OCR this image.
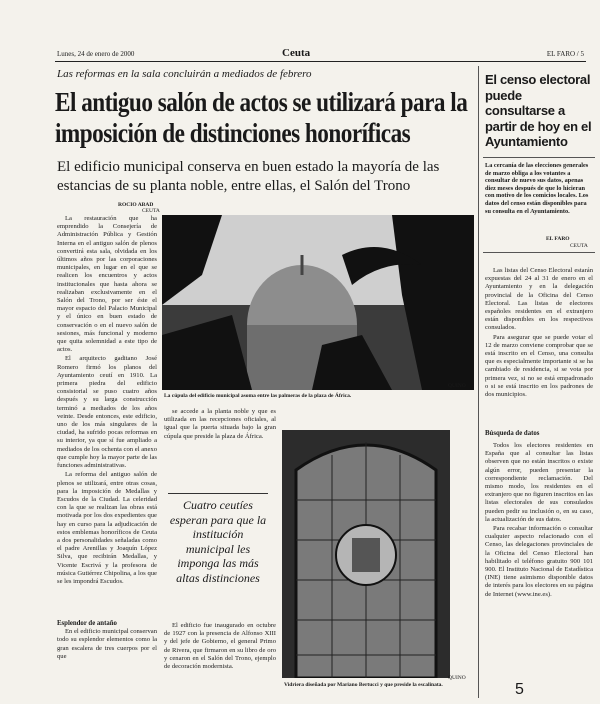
Lunes, 24 de enero de 2000	Ceuta	EL FARO / 5
Las reformas en la sala concluirán a mediados de febrero
El antiguo salón de actos se utilizará para la imposición de distinciones honoríficas
El edificio municipal conserva en buen estado la mayoría de las estancias de su planta noble, entre ellas, el Salón del Trono
ROCIO ABAD
CEUTA

La restauración que ha emprendido la Consejería de Administración Pública y Gestión Interna en el antiguo salón de plenos convertirá esta sala, olvidada en los últimos años por las corporaciones municipales, en lugar en el que se realicen los encuentros y actos institucionales que hasta ahora se realizaban exclusivamente en el Salón del Trono, por ser éste el mayor espacio del Palacio Municipal y el único en buen estado de conservación o en el nuevo salón de sesiones, más funcional y moderno que quita solemnidad a este tipo de actos.

El arquitecto gaditano José Romero firmó los planos del Ayuntamiento ceutí en 1910. La primera piedra del edificio consistorial se puso cuatro años después y su larga construcción terminó a mediados de los años veinte. Desde entonces, este edificio, uno de los más singulares de la ciudad, ha sufrido pocas reformas en su interior, ya que sí fue ampliado a mediados de los ochenta con el anexo que cumple hoy la mayor parte de las funciones administrativas.

La reforma del antiguo salón de plenos se utilizará, entre otras cosas, para la imposición de Medallas y Escudos de la Ciudad. La celeridad con la que se realizan las obras está motivada por los dos expedientes que hay en curso para la adjudicación de estos emblemas honoríficos de Ceuta a dos personalidades señaladas como el padre Arenillas y Joaquín López Silva, que recibirán Medallas, y Vicente Escrivá y la profesora de música Gutiérrez Chipolina, a los que se les impondrá Escudos.

Esplendor de antaño

En el edificio municipal conservan todo su esplendor elementos como la gran escalera de tres cuerpos por el que

La cúpula del edificio municipal asoma entre las palmeras de la plaza de África.
QUINO

se accede a la planta noble y que es utilizada en las recepciones oficiales, al igual que la puerta situada bajo la gran cúpula que preside la plaza de África.

Cuatro ceutíes esperan para que la institución municipal les imponga las más altas distinciones

El edificio fue inaugurado en octubre de 1927 con la presencia de Alfonso XIII y del jefe de Gobierno, el general Primo de Rivera, que firmaron en su libro de oro y cenaron en el Salón del Trono, ejemplo de decoración modernista.

Vidriera diseñada por Mariano Bertucci y que preside la escalinata.
QUINO
El censo electoral puede consultarse a partir de hoy en el Ayuntamiento
La cercanía de las elecciones generales de marzo obliga a los votantes a consultar de nuevo sus datos, apenas diez meses después de que lo hicieran con motivo de los comicios locales. Los datos del censo están disponibles para su consulta en el Ayuntamiento.
EL FARO
CEUTA

Las listas del Censo Electoral estarán expuestas del 24 al 31 de enero en el Ayuntamiento y en la delegación provincial de la Oficina del Censo Electoral. Las listas de electores españoles residentes en el extranjero están disponibles en los respectivos consulados.

Para asegurar que se puede votar el 12 de marzo conviene comprobar que se está inscrito en el Censo, una consulta que es especialmente importante si se ha cambiado de residencia, si se vota por primera vez, si no se está empadronado o si se está inscrito en los padrones de dos municipios.

Búsqueda de datos

Todos los electores residentes en España que al consultar las listas observen que no están inscritos o existe algún error, pueden presentar la correspondiente reclamación. Del mismo modo, los residentes en el extranjero que no figuren inscritos en las listas electorales de sus consulados pueden pedir su inclusión o, en su caso, la actualización de sus datos.

Para recabar información o consultar cualquier aspecto relacionado con el Censo, las delegaciones provinciales de la Oficina del Censo Electoral han habilitado el teléfono gratuito 900 101 900. El Instituto Nacional de Estadística (INE) tiene asimismo disponible datos de interés para los electores en su página de Internet (www.ine.es).

5
